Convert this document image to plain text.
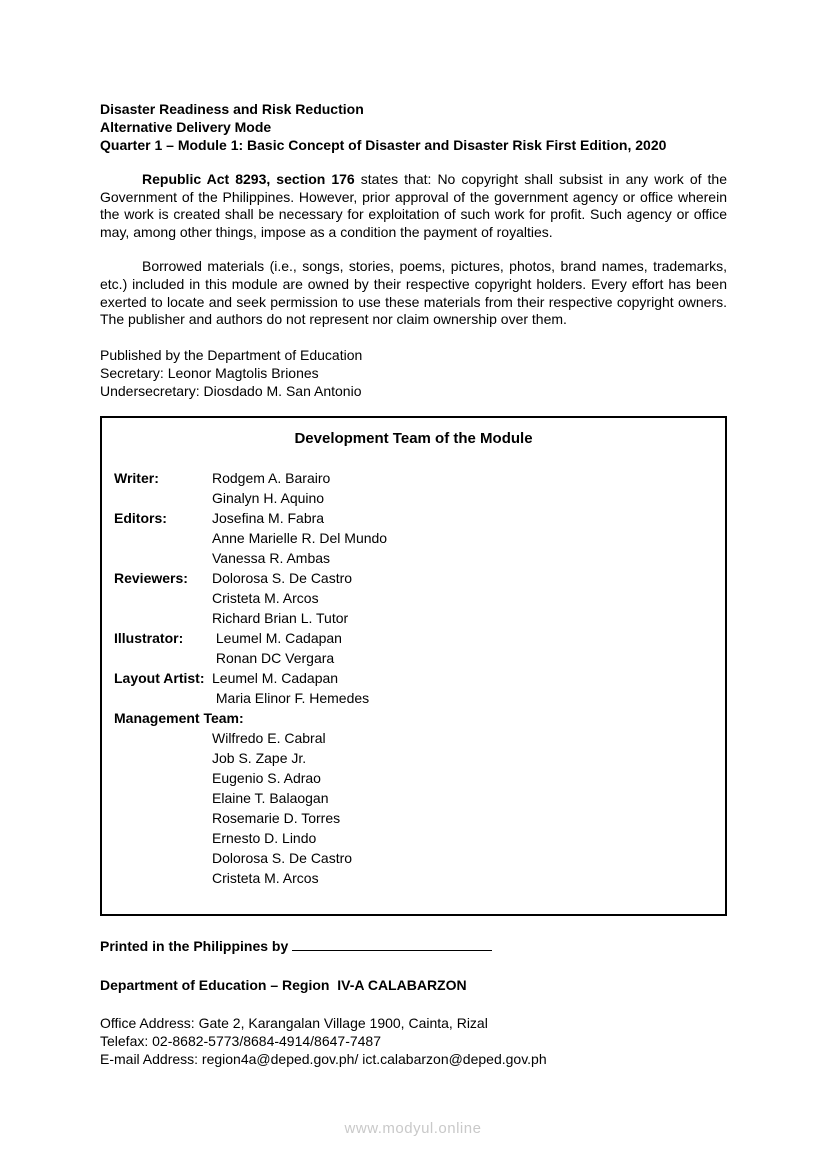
Disaster Readiness and Risk Reduction
Alternative Delivery Mode
Quarter 1 – Module 1: Basic Concept of Disaster and Disaster Risk First Edition, 2020

Republic Act 8293, section 176 states that: No copyright shall subsist in any work of the Government of the Philippines. However, prior approval of the government agency or office wherein the work is created shall be necessary for exploitation of such work for profit. Such agency or office may, among other things, impose as a condition the payment of royalties.

Borrowed materials (i.e., songs, stories, poems, pictures, photos, brand names, trademarks, etc.) included in this module are owned by their respective copyright holders. Every effort has been exerted to locate and seek permission to use these materials from their respective copyright owners. The publisher and authors do not represent nor claim ownership over them.

Published by the Department of Education
Secretary: Leonor Magtolis Briones
Undersecretary: Diosdado M. San Antonio
Development Team of the Module
Writer:	Rodgem A. Barairo
Ginalyn H. Aquino
Editors:	Josefina M. Fabra
Anne Marielle R. Del Mundo
Vanessa R. Ambas
Reviewers:	Dolorosa S. De Castro
Cristeta M. Arcos
Richard Brian L. Tutor
Illustrator:	Leumel M. Cadapan
Ronan DC Vergara
Layout Artist: Leumel M. Cadapan
Maria Elinor F. Hemedes
Management Team:
Wilfredo E. Cabral
Job S. Zape Jr.
Eugenio S. Adrao
Elaine T. Balaogan
Rosemarie D. Torres
Ernesto D. Lindo
Dolorosa S. De Castro
Cristeta M. Arcos
Printed in the Philippines by
Department of Education – Region  IV-A CALABARZON
Office Address: Gate 2, Karangalan Village 1900, Cainta, Rizal
Telefax: 02-8682-5773/8684-4914/8647-7487
E-mail Address: region4a@deped.gov.ph/ ict.calabarzon@deped.gov.ph
www.modyul.online
